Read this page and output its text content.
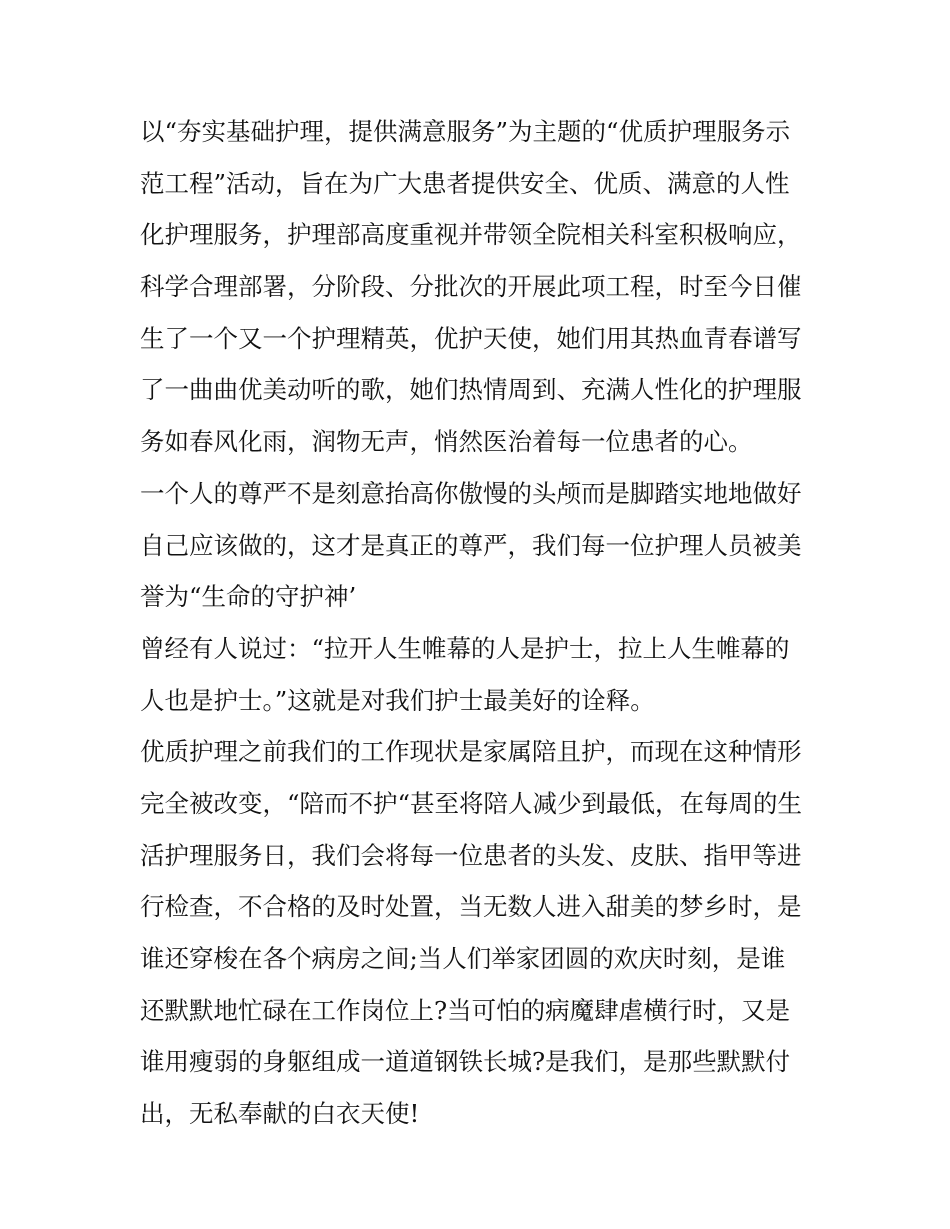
以“夯实基础护理，提供满意服务”为主题的“优质护理服务示
范工程”活动，旨在为广大患者提供安全、优质、满意的人性
化护理服务，护理部高度重视并带领全院相关科室积极响应，
科学合理部署，分阶段、分批次的开展此项工程，时至今日催
生了一个又一个护理精英，优护天使，她们用其热血青春谱写
了一曲曲优美动听的歌，她们热情周到、充满人性化的护理服
务如春风化雨，润物无声，悄然医治着每一位患者的心。
一个人的尊严不是刻意抬高你傲慢的头颅而是脚踏实地地做好
自己应该做的，这才是真正的尊严，我们每一位护理人员被美
誉为“生命的守护神’
曾经有人说过：“拉开人生帷幕的人是护士，拉上人生帷幕的
人也是护士。”这就是对我们护士最美好的诠释。
优质护理之前我们的工作现状是家属陪且护，而现在这种情形
完全被改变，“陪而不护“甚至将陪人减少到最低，在每周的生
活护理服务日，我们会将每一位患者的头发、皮肤、指甲等进
行检查，不合格的及时处置，当无数人进入甜美的梦乡时，是
谁还穿梭在各个病房之间;当人们举家团圆的欢庆时刻，是谁
还默默地忙碌在工作岗位上?当可怕的病魔肆虐横行时，又是
谁用瘦弱的身躯组成一道道钢铁长城?是我们，是那些默默付
出，无私奉献的白衣天使!
